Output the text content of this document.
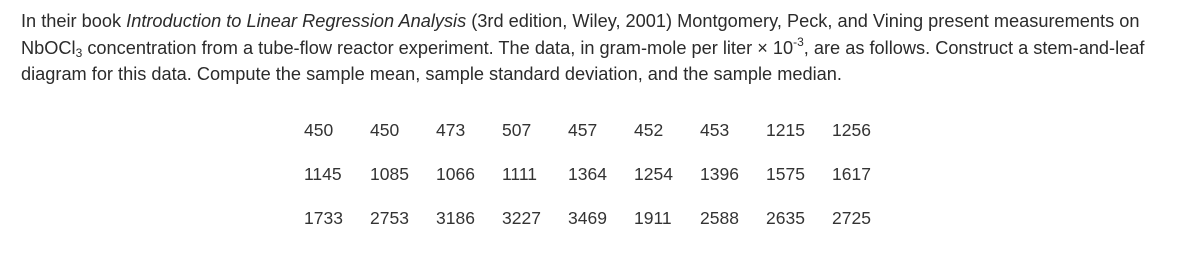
In their book Introduction to Linear Regression Analysis (3rd edition, Wiley, 2001) Montgomery, Peck, and Vining present measurements on NbOCl$_3$ concentration from a tube-flow reactor experiment. The data, in gram-mole per liter × $10^{-3}$, are as follows. Construct a stem-and-leaf diagram for this data. Compute the sample mean, sample standard deviation, and the sample median.

450	450	473	507	457	452	453	1215	1256

1145	1085	1066	1111	1364	1254	1396	1575	1617

1733	2753	3186	3227	3469	1911	2588	2635	2725
